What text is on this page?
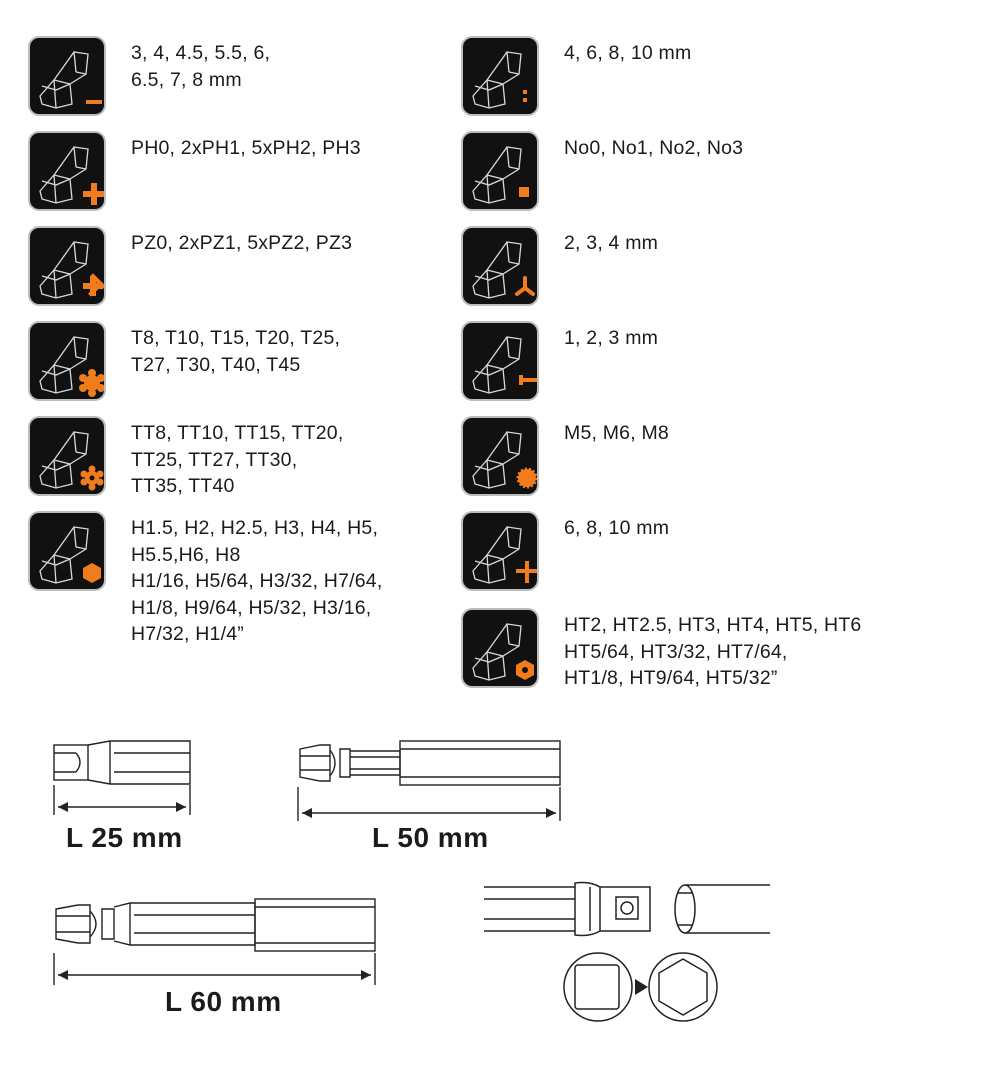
3, 4, 4.5, 5.5, 6,
6.5, 7, 8 mm
PH0, 2xPH1, 5xPH2, PH3
PZ0, 2xPZ1, 5xPZ2, PZ3
T8, T10, T15, T20, T25,
T27, T30, T40, T45
TT8, TT10, TT15, TT20,
TT25, TT27, TT30,
TT35, TT40
H1.5, H2, H2.5, H3, H4, H5,
H5.5,H6, H8
H1/16, H5/64, H3/32, H7/64,
H1/8, H9/64, H5/32, H3/16,
H7/32, H1/4”
4, 6, 8, 10 mm
No0, No1, No2, No3
2, 3, 4 mm
1, 2, 3 mm
M5, M6, M8
6, 8, 10 mm
HT2, HT2.5, HT3, HT4, HT5, HT6
HT5/64, HT3/32, HT7/64,
HT1/8, HT9/64, HT5/32”
L 25 mm	L 50 mm
L 60 mm
